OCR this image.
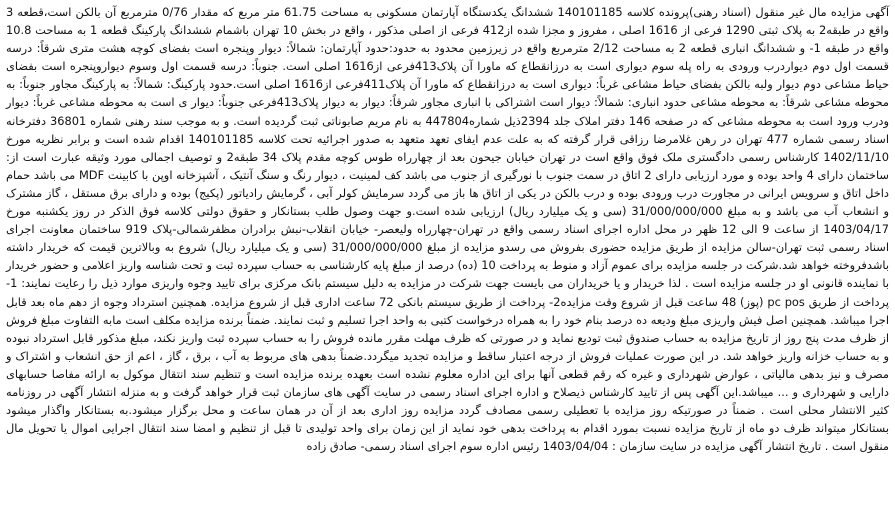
آگهی مزایده مال غیر منقول (اسناد رهنی)پرونده کلاسه 140101185 ششدانگ یکدستگاه آپارتمان مسکونی به مساحت 61.75 متر مربع که مقدار 0/76 مترمربع آن بالکن است،قطعه 3 واقع در طبقه2 به پلاک ثبتی 1290 فرعی از 1616 اصلی ، مفروز و مجزا شده از412 فرعی از اصلی مذکور ، واقع در بخش 10 تهران باشمام ششدانگ پارکینگ قطعه 1 به مساحت 10.8 واقع در طبقه 1- و ششدانگ انباری قطعه 2 به مساحت 2/12 مترمربع واقع در زیرزمین محدود به حدود:حدود آپارتمان: شمالاً: دیوار وپنجره است بفضای کوچه هشت متری شرقاً: درسه قسمت اول دوم دیواردرب ورودی به راه پله سوم دیواری است به درزانقطاع که ماورا آن پلاک413فرعی از1616 اصلی است. جنوباً: درسه قسمت اول وسوم دیواروپنجره است بفضای حیاط مشاعی دوم دیوار ولبه بالکن بفضای حیاط مشاعی غرباً: دیواری است به درزانقطاع که ماورا آن پلاک411فرعی از1616 اصلی است.حدود پارکینگ: شمالاً: به پارکینگ مجاور جنوباً: به محوطه مشاعی شرقاً: به محوطه مشاعی حدود انباری: شمالاً: دیوار است اشتراکی با انباری مجاور شرقاً: دیوار به دیوار پلاک413فرعی جنوباً: دیوار ی است به محوطه مشاعی غرباً: دیوار ودرب ورود است به محوطه مشاعی که در صفحه 146 دفتر املاک جلد 2394ذیل شماره447804 به نام مریم صابوناتی ثبت گردیده است. و به موجب سند رهنی شماره 36801 دفترخانه اسناد رسمی شماره 477 تهران در رهن غلامرضا رزاقی قرار گرفته که به علت عدم ایفای تعهد متعهد به صدور اجرائیه تحت کلاسه 140101185 اقدام شده است و برابر نظریه مورخ 1402/11/10 کارشناس رسمی دادگستری ملک فوق واقع است در تهران خیابان جیحون بعد از چهارراه طوس کوچه مقدم پلاک 34 طبقه2 و توصیف اجمالی مورد وثیقه عبارت است از: ساختمان دارای 4 واحد بوده و مورد ارزیابی دارای 2 اتاق در سمت جنوب با نورگیری از جنوب می باشد کف لمینیت ، دیوار رنگ و سنگ آنتیک ، آشپزخانه اوپن با کابینت MDF می باشد حمام داخل اتاق و سرویس ایرانی در مجاورت درب ورودی بوده و درب بالکن در یکی از اتاق ها باز می گردد سرمایش کولر آبی ، گرمایش رادیاتور (پکیج) بوده و دارای برق مستقل ، گاز مشترک و انشعاب آب می باشد و به مبلغ 31/000/000/000 (سی و یک میلیارد ریال) ارزیابی شده است.و جهت وصول طلب بستانکار و حقوق دولتی کلاسه فوق الذکر در روز یکشنبه مورخ 1403/04/17 از ساعت 9 الی 12 ظهر در محل اداره اجرای اسناد رسمی واقع در تهران-چهارراه ولیعصر- خیابان انقلاب-نبش برادران مظفرشمالی-پلاک 919 ساختمان معاونت اجرای اسناد رسمی ثبت تهران-سالن مزایده از طریق مزایده حضوری بفروش می رسدو مزایده از مبلغ 31/000/000/000 (سی و یک میلیارد ریال) شروع به وبالاترین قیمت که خریدار داشته باشدفروخته خواهد شد.شرکت در جلسه مزایده برای عموم آزاد و منوط به پرداخت 10 (ده) درصد از مبلغ پایه کارشناسی به حساب سپرده ثبت و تحت شناسه واریز اعلامی و حضور خریدار با نماینده قانونی او در جلسه مزایده است . لذا خریدار و یا خریداران می بایست جهت شرکت در مزایده به دلیل سیستم بانک مرکزی برای تایید وجوه واریزی موارد ذیل را رعایت نمایند: 1- پرداخت از طریق pc pos (پوز) 48 ساعت قبل از شروع وقت مزایده2- پرداخت از طریق سیستم بانکی 72 ساعت اداری قبل از شروع مزایده. همچنین استرداد وجوه از دهم ماه بعد قابل اجرا میباشد. همچنین اصل فیش واریزی مبلغ ودیعه ده درصد بنام خود را به همراه درخواست کتبی به واحد اجرا تسلیم و ثبت نمایند. ضمناً برنده مزایده مکلف است مابه التفاوت مبلغ فروش از ظرف مدت پنج روز از تاریخ مزایده به حساب صندوق ثبت تودیع نماید و در صورتی که ظرف مهلت مقرر مانده فروش را به حساب سپرده ثبت واریز نکند، مبلغ مذکور قابل استرداد نبوده و به حساب خزانه واریز خواهد شد. در این صورت عملیات فروش از درجه اعتبار ساقط و مزایده تجدید میگردد.ضمناً بدهی های مربوط به آب ، برق ، گاز ، اعم از حق انشعاب و اشتراک و مصرف و نیز بدهی مالیاتی ، عوارض شهرداری و غیره که رقم قطعی آنها برای این اداره معلوم نشده است بعهده برنده مزایده است و تنظیم سند انتقال موکول به ارائه مفاصا حسابهای دارایی و شهرداری و ... میباشد.این آگهی پس از تایید کارشناس ذیصلاح و اداره اجرای اسناد رسمی در سایت آگهی های سازمان ثبت قرار خواهد گرفت و به منزله انتشار آگهی در روزنامه کثیر الانتشار محلی است . ضمناً در صورتیکه روز مزایده با تعطیلی رسمی مصادف گردد مزایده روز اداری بعد از آن در همان ساعت و محل برگزار میشود.به بستانکار واگذار میشود بستانکار میتواند ظرف دو ماه از تاریخ مزایده نسبت بمورد اقدام به پرداخت بدهی خود نماید از این زمان برای واحد تولیدی تا قبل از تنظیم و امضا سند انتقال اجرایی اموال یا تحویل مال منقول است . تاریخ انتشار آگهی مزایده در سایت سازمان : 1403/04/04 رئیس اداره سوم اجرای اسناد رسمی- صادق زاده
